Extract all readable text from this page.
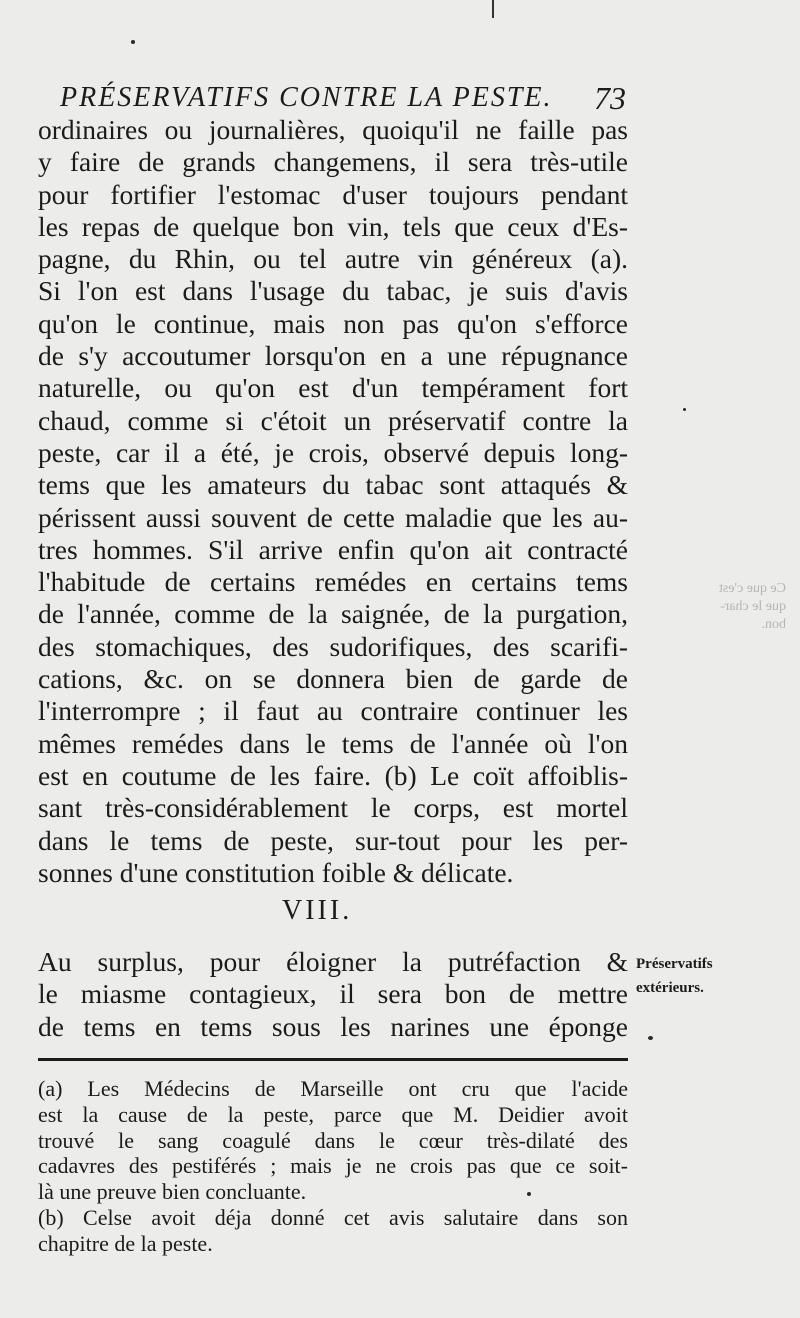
PRÉSERVATIFS CONTRE LA PESTE. 73
ordinaires ou journalières, quoiqu'il ne faille pas
y faire de grands changemens, il sera très-utile
pour fortifier l'estomac d'user toujours pendant
les repas de quelque bon vin, tels que ceux d'Es-
pagne, du Rhin, ou tel autre vin généreux (a).
Si l'on est dans l'usage du tabac, je suis d'avis
qu'on le continue, mais non pas qu'on s'efforce
de s'y accoutumer lorsqu'on en a une répugnance
naturelle, ou qu'on est d'un tempérament fort
chaud, comme si c'étoit un préservatif contre la
peste, car il a été, je crois, observé depuis long-
tems que les amateurs du tabac sont attaqués &
périssent aussi souvent de cette maladie que les au-
tres hommes. S'il arrive enfin qu'on ait contracté
l'habitude de certains remédes en certains tems
de l'année, comme de la saignée, de la purgation,
des stomachiques, des sudorifiques, des scarifi-
cations, &c. on se donnera bien de garde de
l'interrompre ; il faut au contraire continuer les
mêmes remédes dans le tems de l'année où l'on
est en coutume de les faire. (b) Le coït affoiblis-
sant très-considérablement le corps, est mortel
dans le tems de peste, sur-tout pour les per-
sonnes d'une constitution foible & délicate.
VIII.
Au surplus, pour éloigner la putréfaction &
le miasme contagieux, il sera bon de mettre
de tems en tems sous les narines une éponge
Préservatifs
extérieurs.
Ce que c'est
que le char-
bon.
(a) Les Médecins de Marseille ont cru que l'acide
est la cause de la peste, parce que M. Deidier avoit
trouvé le sang coagulé dans le cœur très-dilaté des
cadavres des pestiférés ; mais je ne crois pas que ce soit-
là une preuve bien concluante.
(b) Celse avoit déja donné cet avis salutaire dans son
chapitre de la peste.
